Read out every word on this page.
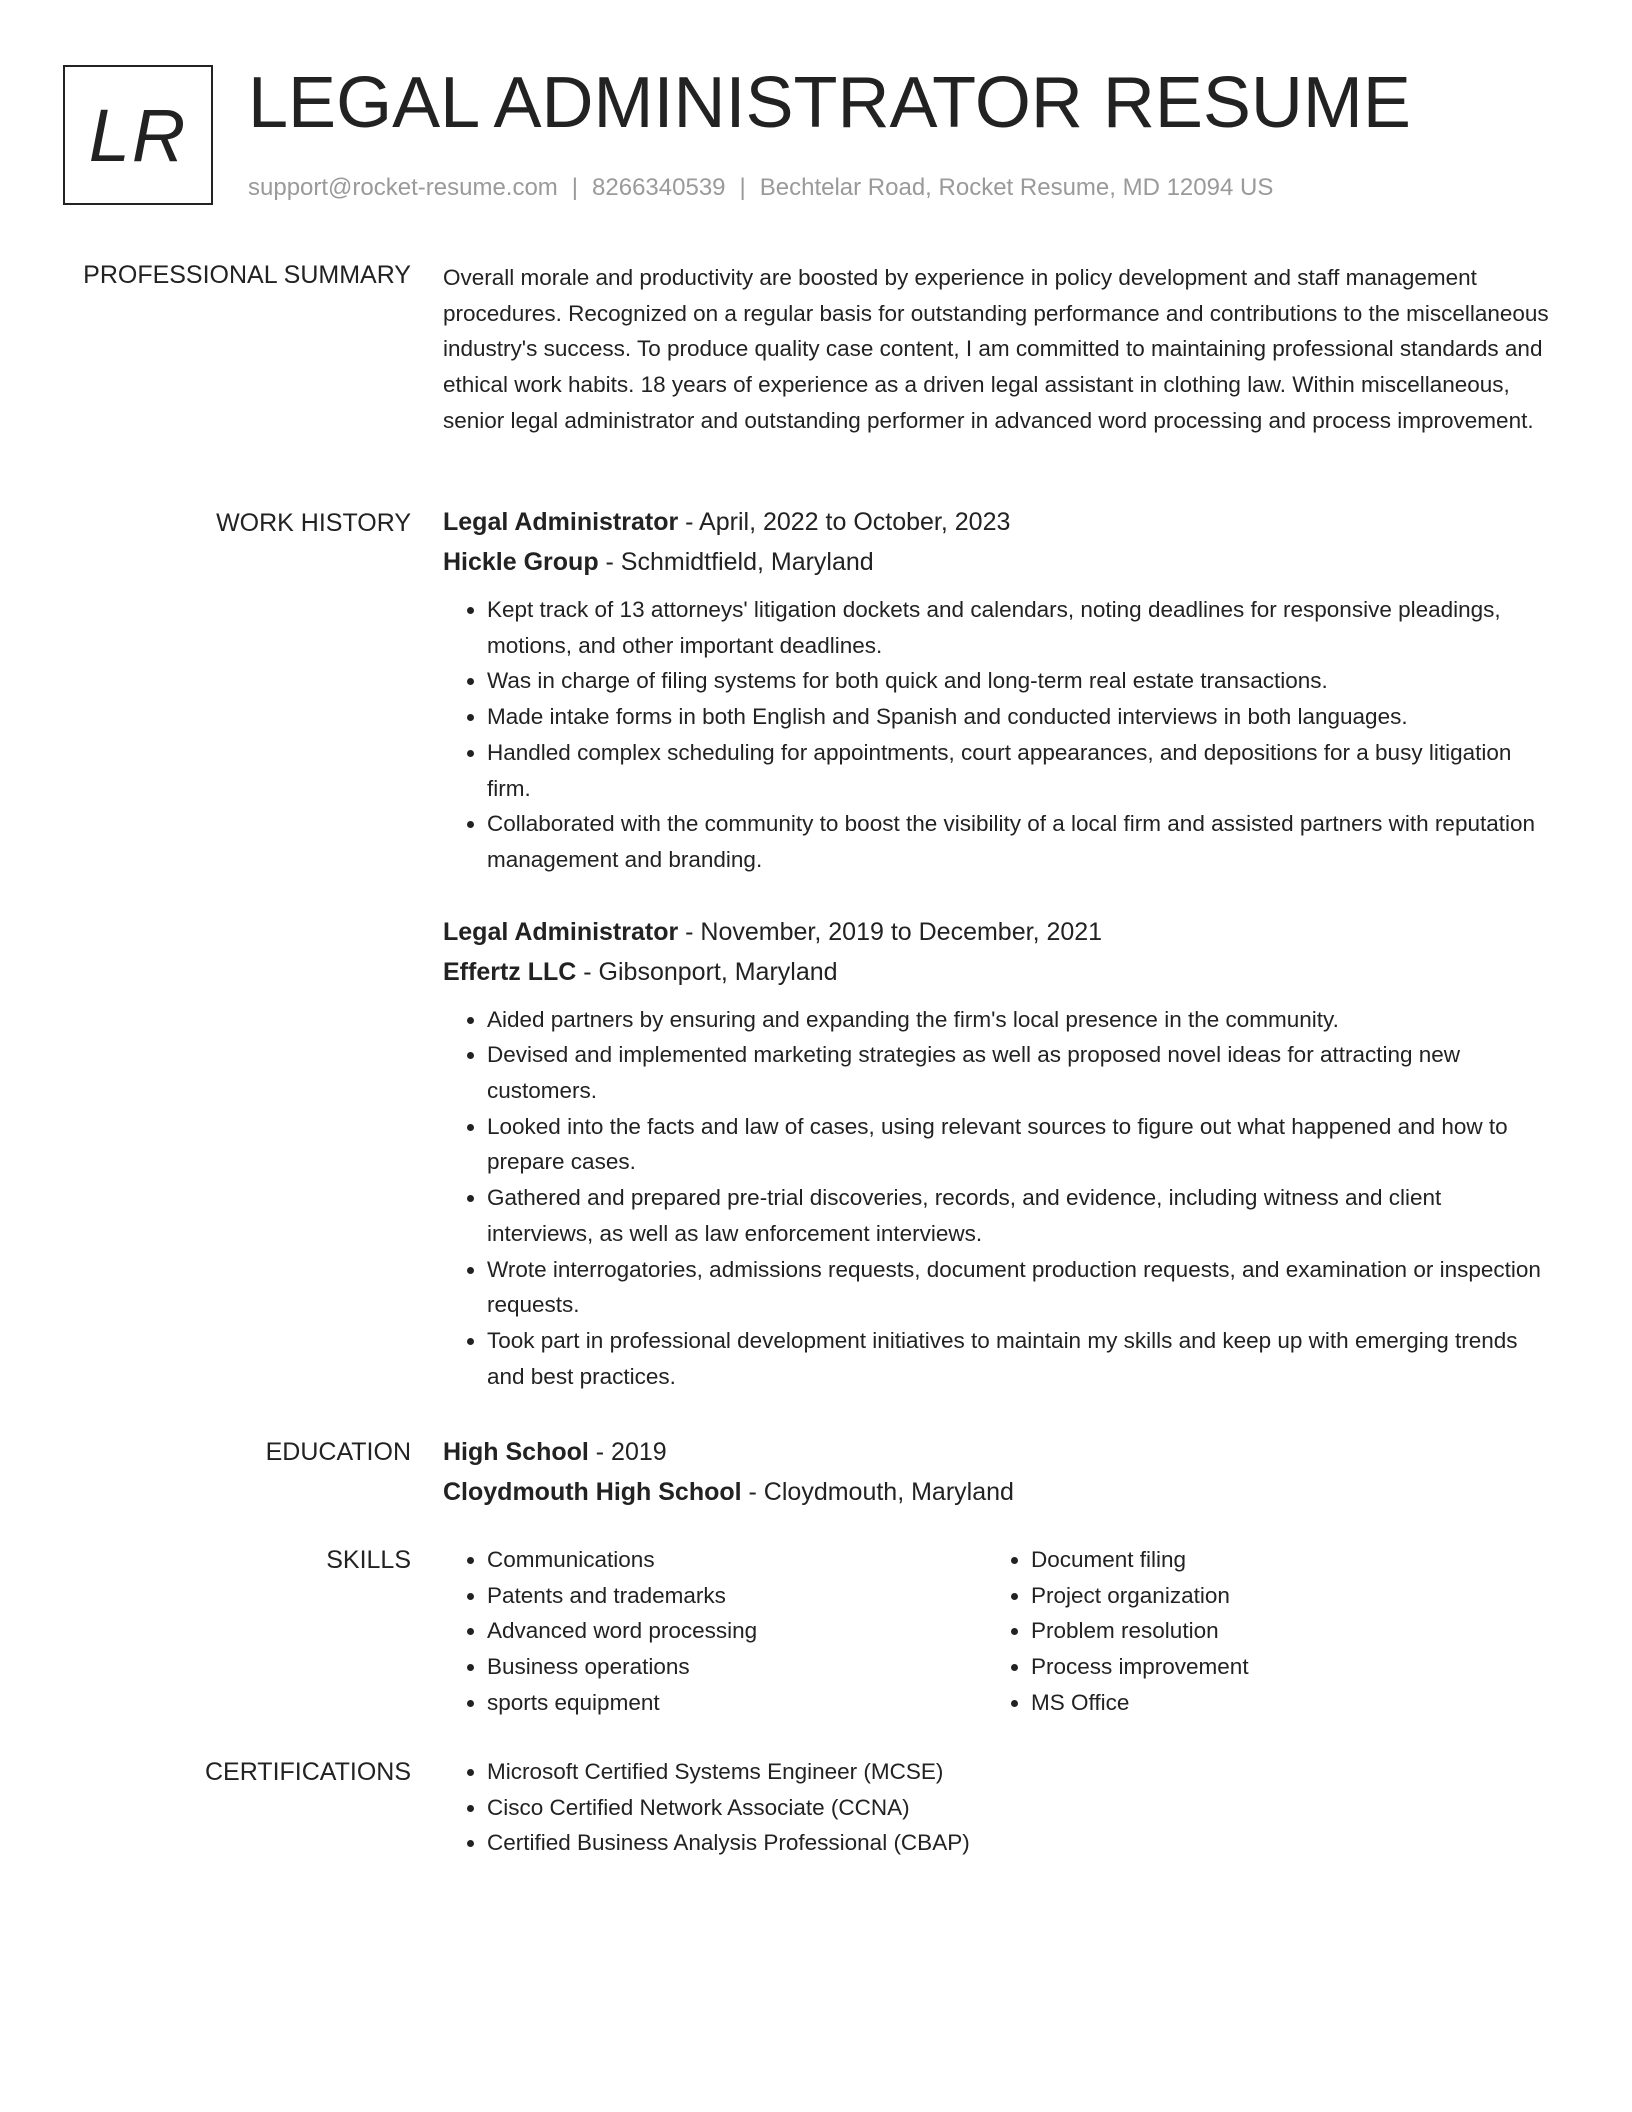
LR LEGAL ADMINISTRATOR RESUME
support@rocket-resume.com | 8266340539 | Bechtelar Road, Rocket Resume, MD 12094 US
PROFESSIONAL SUMMARY Overall morale and productivity are boosted by experience in policy development and staff management procedures. Recognized on a regular basis for outstanding performance and contributions to the miscellaneous industry's success. To produce quality case content, I am committed to maintaining professional standards and ethical work habits. 18 years of experience as a driven legal assistant in clothing law. Within miscellaneous, senior legal administrator and outstanding performer in advanced word processing and process improvement.

WORK HISTORY Legal Administrator - April, 2022 to October, 2023

Hickle Group - Schmidtfield, Maryland

• Kept track of 13 attorneys' litigation dockets and calendars, noting deadlines for responsive pleadings, motions, and other important deadlines.
• Was in charge of filing systems for both quick and long-term real estate transactions.
• Made intake forms in both English and Spanish and conducted interviews in both languages.
• Handled complex scheduling for appointments, court appearances, and depositions for a busy litigation firm.
• Collaborated with the community to boost the visibility of a local firm and assisted partners with reputation management and branding.

Legal Administrator - November, 2019 to December, 2021

Effertz LLC - Gibsonport, Maryland

• Aided partners by ensuring and expanding the firm's local presence in the community.
• Devised and implemented marketing strategies as well as proposed novel ideas for attracting new customers.
• Looked into the facts and law of cases, using relevant sources to figure out what happened and how to prepare cases.
• Gathered and prepared pre-trial discoveries, records, and evidence, including witness and client interviews, as well as law enforcement interviews.
• Wrote interrogatories, admissions requests, document production requests, and examination or inspection requests.
• Took part in professional development initiatives to maintain my skills and keep up with emerging trends and best practices.
EDUCATION High School - 2019

Cloydmouth High School - Cloydmouth, Maryland

SKILLS	• Communications
• Patents and trademarks
• Advanced word processing
• Business operations
• sports equipment
• Document filing
• Project organization
• Problem resolution
• Process improvement
• MS Office
CERTIFICATIONS	• Microsoft Certified Systems Engineer (MCSE)
• Cisco Certified Network Associate (CCNA)
• Certified Business Analysis Professional (CBAP)
